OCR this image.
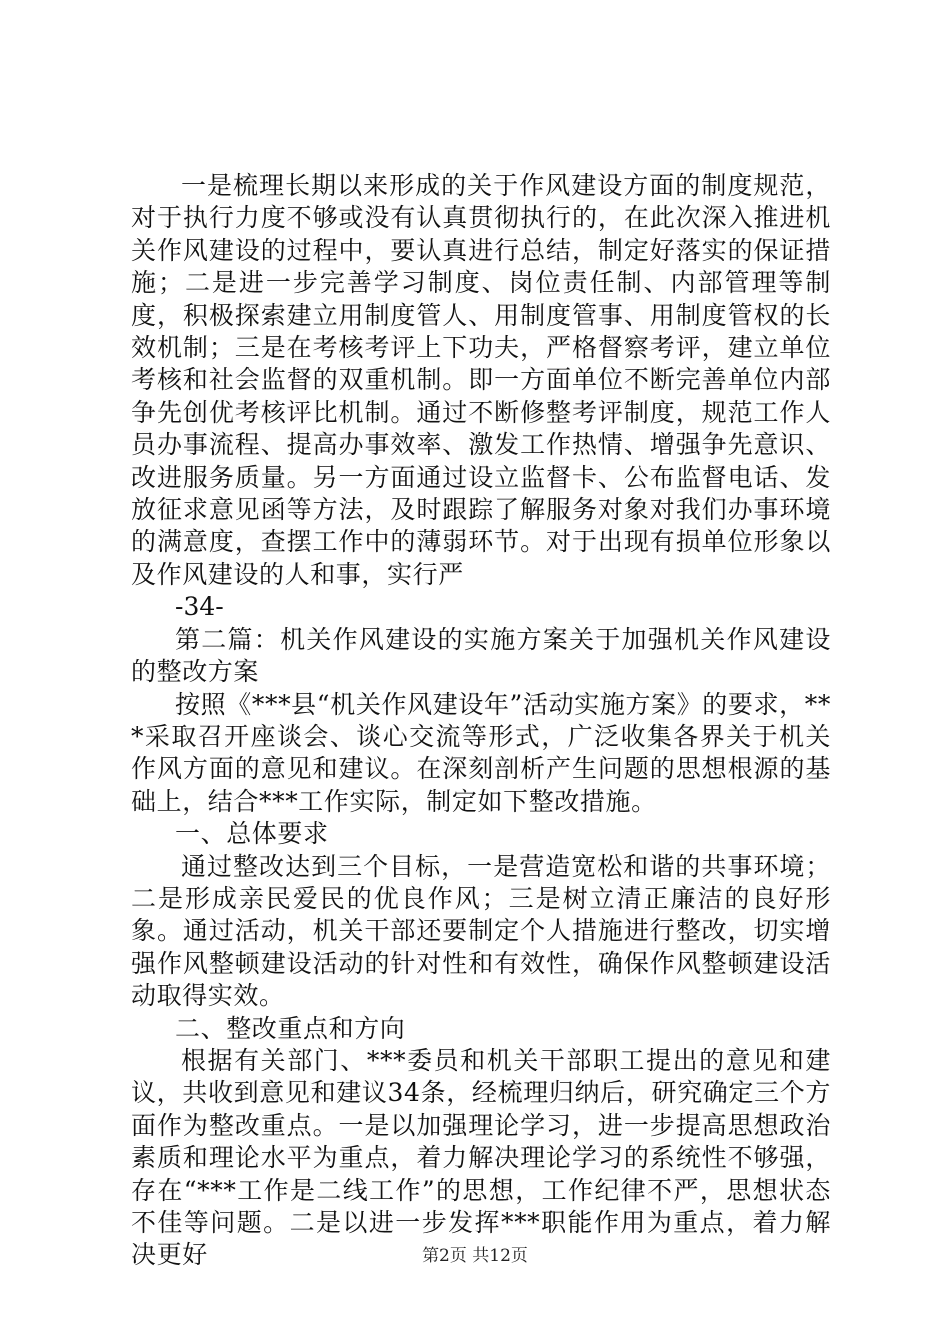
一是梳理长期以来形成的关于作风建设方面的制度规范，对于执行力度不够或没有认真贯彻执行的，在此次深入推进机关作风建设的过程中，要认真进行总结，制定好落实的保证措施；二是进一步完善学习制度、岗位责任制、内部管理等制度，积极探索建立用制度管人、用制度管事、用制度管权的长效机制；三是在考核考评上下功夫，严格督察考评，建立单位考核和社会监督的双重机制。即一方面单位不断完善单位内部争先创优考核评比机制。通过不断修整考评制度，规范工作人员办事流程、提高办事效率、激发工作热情、增强争先意识、改进服务质量。另一方面通过设立监督卡、公布监督电话、发放征求意见函等方法，及时跟踪了解服务对象对我们办事环境的满意度，查摆工作中的薄弱环节。对于出现有损单位形象以及作风建设的人和事，实行严

-34-

第二篇：机关作风建设的实施方案关于加强机关作风建设的整改方案

按照《***县“机关作风建设年”活动实施方案》的要求，***采取召开座谈会、谈心交流等形式，广泛收集各界关于机关作风方面的意见和建议。在深刻剖析产生问题的思想根源的基础上，结合***工作实际，制定如下整改措施。

一、总体要求

通过整改达到三个目标，一是营造宽松和谐的共事环境；二是形成亲民爱民的优良作风；三是树立清正廉洁的良好形象。通过活动，机关干部还要制定个人措施进行整改，切实增强作风整顿建设活动的针对性和有效性，确保作风整顿建设活动取得实效。

二、整改重点和方向

根据有关部门、***委员和机关干部职工提出的意见和建议，共收到意见和建议34条，经梳理归纳后，研究确定三个方面作为整改重点。一是以加强理论学习，进一步提高思想政治素质和理论水平为重点，着力解决理论学习的系统性不够强，存在“***工作是二线工作”的思想，工作纪律不严，思想状态不佳等问题。二是以进一步发挥***职能作用为重点，着力解决更好	第2页 共12页
